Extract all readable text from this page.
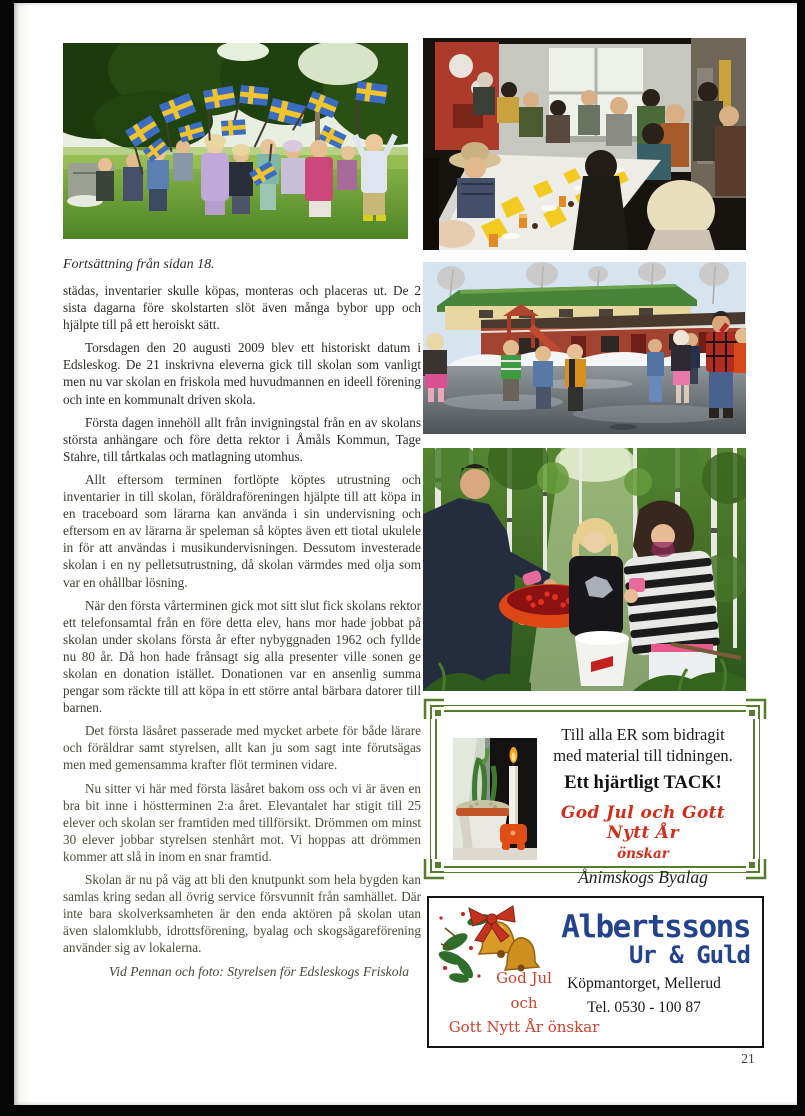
Fortsättning från sidan 18.

städas, inventarier skulle köpas, monteras och placeras ut. De 2 sista dagarna före skolstarten slöt även många bybor upp och hjälpte till på ett heroiskt sätt.

Torsdagen den 20 augusti 2009 blev ett historiskt datum i Edsleskog. De 21 inskrivna eleverna gick till skolan som vanligt men nu var skolan en friskola med huvudmannen en ideell förening och inte en kommunalt driven skola.

Första dagen innehöll allt från invigningstal från en av skolans största anhängare och före detta rektor i Åmåls Kommun, Tage Stahre, till tårtkalas och matlagning utomhus.

Allt eftersom terminen fortlöpte köptes utrustning och inventarier in till skolan, föräldraföreningen hjälpte till att köpa in en traceboard som lärarna kan använda i sin undervisning och eftersom en av lärarna är speleman så köptes även ett tiotal ukulele in för att användas i musikundervisningen. Dessutom investerade skolan i en ny pelletsutrustning, då skolan värmdes med olja som var en ohållbar lösning.

När den första vårterminen gick mot sitt slut fick skolans rektor ett telefonsamtal från en före detta elev, hans mor hade jobbat på skolan under skolans första år efter nybyggnaden 1962 och fyllde nu 80 år. Då hon hade frånsagt sig alla presenter ville sonen ge skolan en donation istället. Donationen var en ansenlig summa pengar som räckte till att köpa in ett större antal bärbara datorer till barnen.

Det första läsåret passerade med mycket arbete för både lärare och föräldrar samt styrelsen, allt kan ju som sagt inte förutsägas men med gemensamma krafter flöt terminen vidare.

Nu sitter vi här med första läsåret bakom oss och vi är även en bra bit inne i höstterminen 2:a året. Elevantalet har stigit till 25 elever och skolan ser framtiden med tillförsikt. Drömmen om minst 30 elever jobbar styrelsen stenhårt mot. Vi hoppas att drömmen kommer att slå in inom en snar framtid.

Skolan är nu på väg att bli den knutpunkt som hela bygden kan samlas kring sedan all övrig service försvunnit från samhället. Där inte bara skolverksamheten är den enda aktören på skolan utan även slalomklubb, idrottsförening, byalag och skogsägareförening använder sig av lokalerna.

Vid Pennan och foto: Styrelsen för Edsleskogs Friskola
Till alla ER som bidragit
med material till tidningen.
Ett hjärtligt TACK!
God Jul och Gott Nytt År
önskar
Ånimskogs Byalag
God Jul
och
Gott Nytt År önskar
Albertssons
Ur & Guld
Köpmantorget, Mellerud
Tel. 0530 - 100 87
21
